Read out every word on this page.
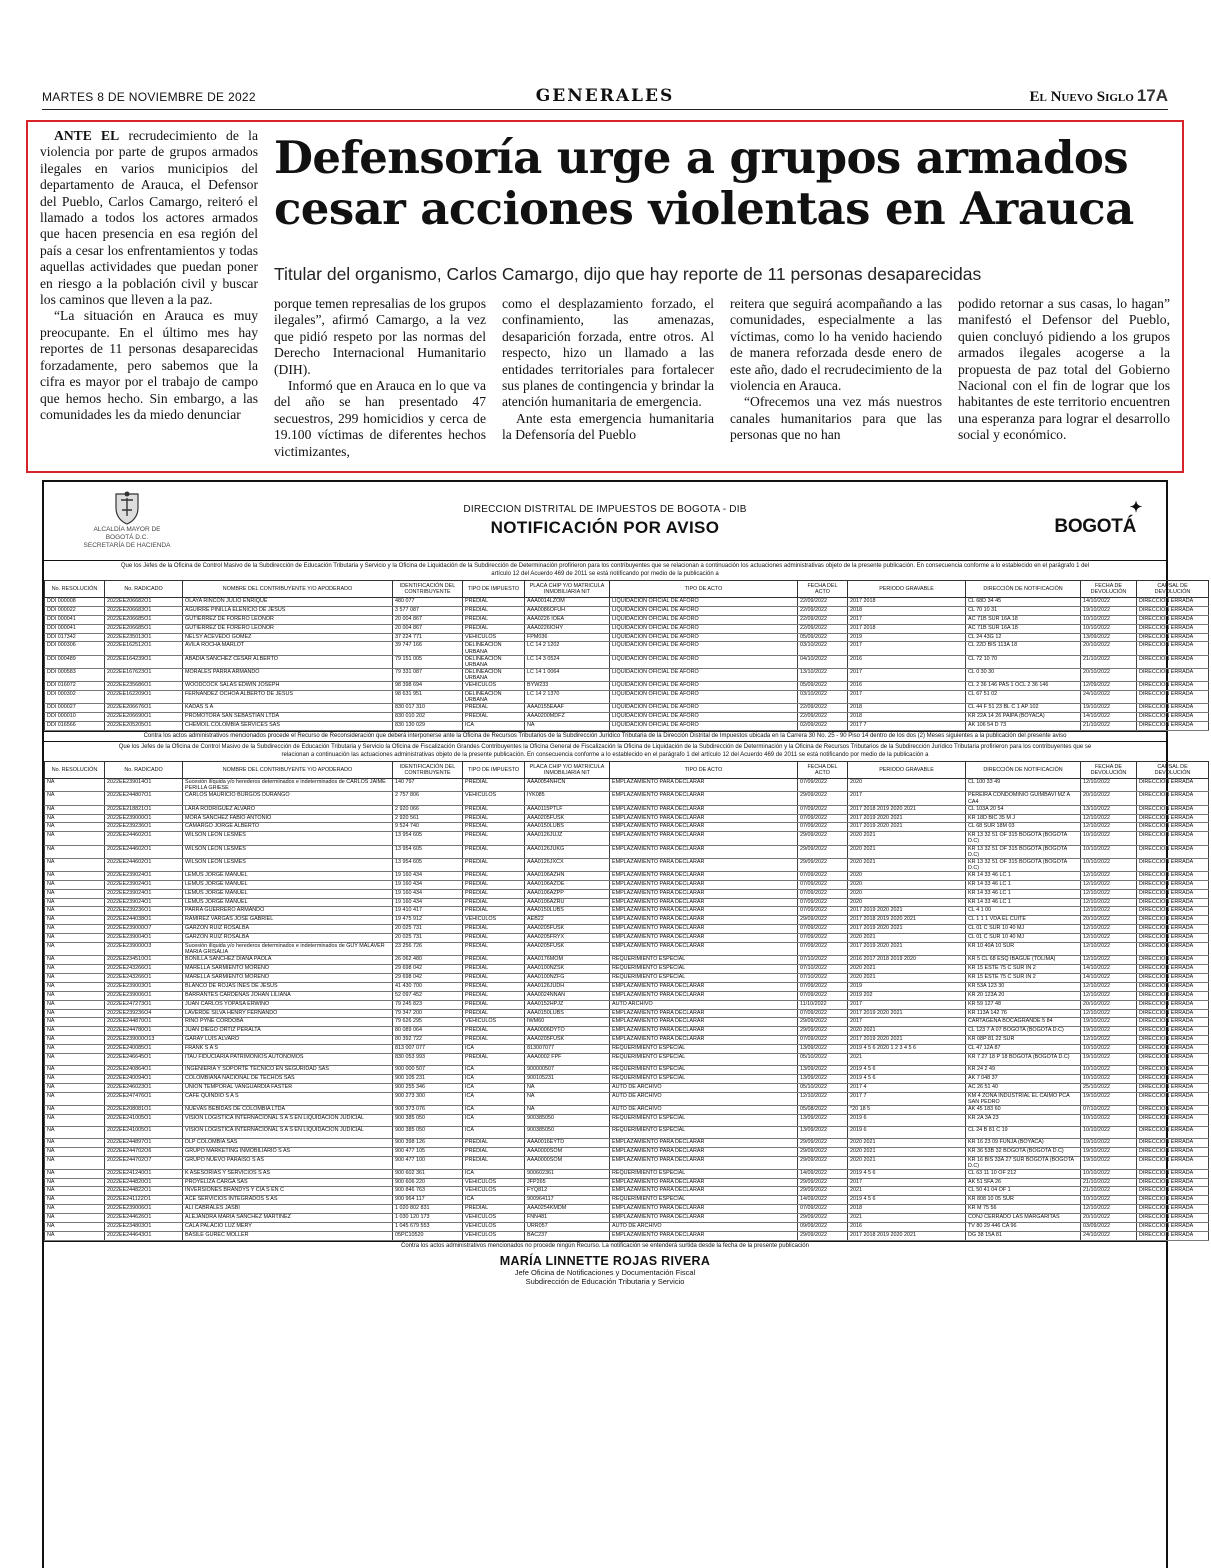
MARTES 8 DE NOVIEMBRE DE 2022	GENERALES	El Nuevo Siglo 17A

ANTE EL recrudecimiento de la violencia por parte de grupos armados ilegales en varios municipios del departamento de Arauca, el Defensor del Pueblo, Carlos Camargo, reiteró el llamado a todos los actores armados que hacen presencia en esa región del país a cesar los enfrentamientos y todas aquellas actividades que puedan poner en riesgo a la población civil y buscar los caminos que lleven a la paz.

“La situación en Arauca es muy preocupante. En el último mes hay reportes de 11 personas desaparecidas forzadamente, pero sabemos que la cifra es mayor por el trabajo de campo que hemos hecho. Sin embargo, a las comunidades les da miedo denunciar

Defensoría urge a grupos armados
cesar acciones violentas en Arauca
Titular del organismo, Carlos Camargo, dijo que hay reporte de 11 personas desaparecidas

porque temen represalias de los grupos ilegales”, afirmó Camargo, a la vez que pidió respeto por las normas del Derecho Internacional Humanitario (DIH).

Informó que en Arauca en lo que va del año se han presentado 47 secuestros, 299 homicidios y cerca de 19.100 víctimas de diferentes hechos victimizantes,

como el desplazamiento forzado, el confinamiento, las amenazas, desaparición forzada, entre otros. Al respecto, hizo un llamado a las entidades territoriales para fortalecer sus planes de contingencia y brindar la atención humanitaria de emergencia.

Ante esta emergencia humanitaria la Defensoría del Pueblo

reitera que seguirá acompañando a las comunidades, especialmente a las víctimas, como lo ha venido haciendo de manera reforzada desde enero de este año, dado el recrudecimiento de la violencia en Arauca.

“Ofrecemos una vez más nuestros canales humanitarios para que las personas que no han

podido retornar a sus casas, lo hagan” manifestó el Defensor del Pueblo, quien concluyó pidiendo a los grupos armados ilegales acogerse a la propuesta de paz total del Gobierno Nacional con el fin de lograr que los habitantes de este territorio encuentren una esperanza para lograr el desarrollo social y económico.

ALCALDÍA MAYOR DE BOGOTÁ D.C.
SECRETARÍA DE HACIENDA
DIRECCION DISTRITAL DE IMPUESTOS DE BOGOTA - DIB
NOTIFICACIÓN POR AVISO
✦
BOGOTÁ
Que los Jefes de la Oficina de Control Masivo de la Subdirección de Educación Tributaria y Servicio y la Oficina de Liquidación de la Subdirección de Determinación profirieron para los contribuyentes que se relacionan a continuación los actuaciones administrativas objeto de la presente publicación. En consecuencia conforme a lo establecido en el parágrafo 1 del artículo 12 del Acuerdo 469 de 2011 se está notificando por medio de la publicación a
No. RESOLUCIÓN	No. RADICADO	NOMBRE DEL CONTRIBUYENTE Y/O APODERADO	IDENTIFICACIÓN DEL CONTRIBUYENTE	TIPO DE IMPUESTO	PLACA CHIP Y/O MATRICULA INMOBILIARIA NIT	TIPO DE ACTO	FECHA DEL ACTO	PERIODO GRAVABLE	DIRECCIÓN DE NOTIFICACIÓN	FECHA DE DEVOLUCIÓN	CAUSAL DE DEVOLUCIÓN
DDI 000008	2022EE206682O1	OLAYA RINCON JULIO ENRIQUE	480 077	PREDIAL	AAA0014LZOM	LIQUIDACIÓN OFICIAL DE AFORO	22/09/2022	2017 2018	CL 68D 34 45	14/10/2022	DIRECCIÓN ERRADA
DDI 000022	2022EE206683O1	AGUIRRE PINILLA ELENICIO DE JESUS	3 577 087	PREDIAL	AAA0086OFUH	LIQUIDACIÓN OFICIAL DE AFORO	22/09/2022	2018	CL 70 10 31	19/10/2022	DIRECCIÓN ERRADA
DDI 000041	2022EE206685O1	GUTIERREZ DE FORERO LEONOR	20 004 867	PREDIAL	AAA0226 IOEA	LIQUIDACIÓN OFICIAL DE AFORO	22/09/2022	2017	AC 71B SUR 16A 18	10/10/2022	DIRECCIÓN ERRADA
DDI 000041	2022EE206685O1	GUTIERREZ DE FORERO LEONOR	20 004 867	PREDIAL	AAA0226IOHY	LIQUIDACIÓN OFICIAL DE AFORO	22/09/2022	2017 2018	AC 71B SUR 16A 18	10/10/2022	DIRECCIÓN ERRADA
DDI 017342	2022EE235013O1	NELSY ACEVEDO GOMEZ	37 224 771	VEHICULOS	FPM036	LIQUIDACIÓN OFICIAL DE AFORO	05/09/2022	2019	CL 24 43G 12	13/09/2022	DIRECCIÓN ERRADA
DDI 000306	2022EE162512O1	AVILA ROCHA MARLOT	39 747 166	DELINEACIÓN URBANA	LC 14 2 1202	LIQUIDACIÓN OFICIAL DE AFORO	03/10/2022	2017	CL 22D BIS 113A 18	20/10/2022	DIRECCIÓN ERRADA
DDI 000489	2022EE164239O1	ABADIA SANCHEZ CESAR ALBERTO	79 151 005	DELINEACIÓN URBANA	LC 14 3 0524	LIQUIDACIÓN OFICIAL DE AFORO	04/10/2022	2016	CL 72 10 70	21/10/2022	DIRECCIÓN ERRADA
DDI 000583	2022EE167623O1	MORALES PARRA ARMANDO	79 331 087	DELINEACIÓN URBANA	LC 14 1 0064	LIQUIDACIÓN OFICIAL DE AFORO	13/10/2022	2017	CL 0 30 30	20/10/2022	DIRECCIÓN ERRADA
DDI 016072	2022EE235686O1	WOODCOCK SALAS EDWIN JOSEPH	98 398 694	VEHICULOS	BYW233	LIQUIDACIÓN OFICIAL DE AFORO	05/09/2022	2016	CL 2 36 146 PAS 1 OCL 2 36 146	12/09/2022	DIRECCIÓN ERRADA
DDI 000302	2022EE162209O1	FERNANDEZ OCHOA ALBERTO DE JESÚS	98 631 951	DELINEACIÓN URBANA	LC 14 2 1370	LIQUIDACIÓN OFICIAL DE AFORO	03/10/2022	2017	CL 67 51 02	24/10/2022	DIRECCIÓN ERRADA
DDI 000027	2022EE206676O1	KADAS S A	830 017 310	PREDIAL	AAA0155EAAF	LIQUIDACIÓN OFICIAL DE AFORO	22/09/2022	2018	CL 44 F 51 23 BL C 1 AP 102	19/10/2022	DIRECCIÓN ERRADA
DDI 000010	2022EE206690O1	PROMOTORA SAN SEBASTIAN LTDA	830 010 202	PREDIAL	AAA0200MDFZ	LIQUIDACIÓN OFICIAL DE AFORO	22/09/2022	2018	KR 22A 14 26 PAIPA (BOYACA)	14/10/2022	DIRECCIÓN ERRADA
DDI 016566	2022EE205205O1	CHEMOIL COLOMBIA SERVICES SAS	830 130 029	ICA	NA	LIQUIDACIÓN OFICIAL DE AFORO	02/09/2022	2017 7	AK 106 54 D 73	21/10/2022	DIRECCIÓN ERRADA
Contra los actos administrativos mencionados procede el Recurso de Reconsideración que deberá interponerse ante la Oficina de Recursos Tributarios de la Subdirección Jurídico Tributaria de la Dirección Distrital de Impuestos ubicada en la Carrera 30 No. 25 - 90 Piso 14 dentro de los dos (2) Meses siguientes a la publicación del presente aviso
Que los Jefes de la Oficina de Control Masivo de la Subdirección de Educación Tributaria y Servicio la Oficina de Fiscalización Grandes Contribuyentes la Oficina General de Fiscalización la Oficina de Liquidación de la Subdirección de Determinación y la Oficina de Recursos Tributarios de la Subdirección Jurídico Tributaria profirieron para los contribuyentes que se relacionan a continuación las actuaciones administrativas objeto de la presente publicación. En consecuencia conforme a lo establecido en el parágrafo 1 del artículo 12 del Acuerdo 469 de 2011 se está notificando por medio de la publicación a
No. RESOLUCIÓN	No. RADICADO	NOMBRE DEL CONTRIBUYENTE Y/O APODERADO	IDENTIFICACIÓN DEL CONTRIBUYENTE	TIPO DE IMPUESTO	PLACA CHIP Y/O MATRICULA INMOBILIARIA NIT	TIPO DE ACTO	FECHA DEL ACTO	PERIODO GRAVABLE	DIRECCIÓN DE NOTIFICACIÓN	FECHA DE DEVOLUCIÓN	CAUSAL DE DEVOLUCIÓN
NA	2022EE239014O1	Sucesión ilíquida y/o herederos determinados e indeterminados de CARLOS JAIME PERILLA GRIESE	140 797	PREDIAL	AAA0054NHCN	EMPLAZAMIENTO PARA DECLARAR	07/09/2022	2020	CL 100 33 49	12/10/2022	DIRECCIÓN ERRADA
NA	2022EE244807O1	CARLOS MAURICIO BURGOS DURANGO	2 757 806	VEHICULOS	IYK085	EMPLAZAMIENTO PARA DECLARAR	29/09/2022	2017	PEREIRA CONDOMINIO GUIMBAVI MZ A CA4	20/10/2022	DIRECCIÓN ERRADA
NA	2022EE218821O1	LARA RODRIGUEZ ALVARO	2 920 066	PREDIAL	AAA0115PTLF	EMPLAZAMIENTO PARA DECLARAR	07/09/2022	2017 2018 2019 2020 2021	CL 103A 20 54	13/10/2022	DIRECCIÓN ERRADA
NA	2022EE239000O1	MORA SANCHEZ FABIO ANTONIO	2 920 561	PREDIAL	AAA0205FUSK	EMPLAZAMIENTO PARA DECLARAR	07/09/2022	2017 2019 2020 2021	KR 18D BIC 35 M J	12/10/2022	DIRECCIÓN ERRADA
NA	2022EE239236O1	CAMARGO JORGE ALBERTO	9 524 740	PREDIAL	AAA0150LUBS	EMPLAZAMIENTO PARA DECLARAR	07/09/2022	2017 2019 2020 2021	CL 68 SUR 18M 03	12/10/2022	DIRECCIÓN ERRADA
NA	2022EE244602O1	WILSON LEON LESMES	13 954 605	PREDIAL	AAA0126JUJZ	EMPLAZAMIENTO PARA DECLARAR	29/09/2022	2020 2021	KR 13 32 51 OF 315 BOGOTA (BOGOTA D.C)	10/10/2022	DIRECCIÓN ERRADA
NA	2022EE244602O1	WILSON LEON LESMES	13 954 605	PREDIAL	AAA0126JUKG	EMPLAZAMIENTO PARA DECLARAR	29/09/2022	2020 2021	KR 13 32 51 OF 315 BOGOTA (BOGOTA D.C)	10/10/2022	DIRECCIÓN ERRADA
NA	2022EE244602O1	WILSON LEON LESMES	13 954 605	PREDIAL	AAA0126JXCX	EMPLAZAMIENTO PARA DECLARAR	29/09/2022	2020 2021	KR 13 32 51 OF 315 BOGOTA (BOGOTA D.C)	10/10/2022	DIRECCIÓN ERRADA
NA	2022EE239024O1	LEMUS JORGE MANUEL	19 160 434	PREDIAL	AAA0106AZHN	EMPLAZAMIENTO PARA DECLARAR	07/09/2022	2020	KR 14 33 46 LC 1	12/10/2022	DIRECCIÓN ERRADA
NA	2022EE239024O1	LEMUS JORGE MANUEL	19 160 434	PREDIAL	AAA0106AZOE	EMPLAZAMIENTO PARA DECLARAR	07/09/2022	2020	KR 14 33 46 LC 1	12/10/2022	DIRECCIÓN ERRADA
NA	2022EE239024O1	LEMUS JORGE MANUEL	19 160 434	PREDIAL	AAA0106AZPP	EMPLAZAMIENTO PARA DECLARAR	07/09/2022	2020	KR 14 33 46 LC 1	12/10/2022	DIRECCIÓN ERRADA
NA	2022EE239024O1	LEMUS JORGE MANUEL	19 160 434	PREDIAL	AAA0106AZRU	EMPLAZAMIENTO PARA DECLARAR	07/09/2022	2020	KR 14 33 46 LC 1	12/10/2022	DIRECCIÓN ERRADA
NA	2022EE239236O1	PARRA GUERRERO ARMANDO	19 410 417	PREDIAL	AAA0150LUBS	EMPLAZAMIENTO PARA DECLARAR	07/09/2022	2017 2019 2020 2021	CL 4 1 00	12/10/2022	DIRECCIÓN ERRADA
NA	2022EE244038O1	RAMIREZ VARGAS JOSE GABRIEL	19 475 912	VEHICULOS	AEB22	EMPLAZAMIENTO PARA DECLARAR	29/09/2022	2017 2018 2019 2020 2021	CL 1 1 1 VDA EL CUITE	20/10/2022	DIRECCIÓN ERRADA
NA	2022EE239000O7	GARZON RUIZ ROSALBA	20 025 731	PREDIAL	AAA0205FUSK	EMPLAZAMIENTO PARA DECLARAR	07/09/2022	2017 2019 2020 2021	CL 01 C SUR 10 40 MJ	12/10/2022	DIRECCIÓN ERRADA
NA	2022EE239004O1	GARZON RUIZ ROSALBA	20 025 731	PREDIAL	AAA0205FRYX	EMPLAZAMIENTO PARA DECLARAR	07/09/2022	2020 2021	CL 01 C SUR 10 40 MJ	12/10/2022	DIRECCIÓN ERRADA
NA	2022EE239000O3	Sucesión ilíquida y/o herederos determinados e indeterminados de GUY MALAVER MARIA GRISALIA	23 256 726	PREDIAL	AAA0205FUSK	EMPLAZAMIENTO PARA DECLARAR	07/09/2022	2017 2019 2020 2021	KR 10 40A 10 SUR	12/10/2022	DIRECCIÓN ERRADA
NA	2022EE234510O1	BONILLA SANCHEZ DIANA PAOLA	26 062 480	PREDIAL	AAA0176MOM	REQUERIMIENTO ESPECIAL	07/10/2022	2016 2017 2018 2019 2020	KR 5 CL 68 ESQ IBAGUE (TOLIMA)	12/10/2022	DIRECCIÓN ERRADA
NA	2022EE243266O1	MARELLA SARMIENTO MORENO	29 698 042	PREDIAL	AAA0100NZSK	REQUERIMIENTO ESPECIAL	07/10/2022	2020 2021	KR 15 ESTE 75 C SUR IN 2	14/10/2022	DIRECCIÓN ERRADA
NA	2022EE243266O1	MARELLA SARMIENTO MORENO	29 698 042	PREDIAL	AAA0100NZFG	REQUERIMIENTO ESPECIAL	07/10/2022	2020 2021	KR 15 ESTE 75 C SUR IN 2	14/10/2022	DIRECCIÓN ERRADA
NA	2022EE239003O1	BLANCO DE ROJAS INES DE JESUS	41 430 700	PREDIAL	AAA0126JUDH	EMPLAZAMIENTO PARA DECLARAR	07/09/2022	2019	KR 53A 123 30	12/10/2022	DIRECCIÓN ERRADA
NA	2022EE239006O1	BARRANTES CARDENAS JOHAN LILIANA	52 097 452	PREDIAL	AAA0024NNAN	EMPLAZAMIENTO PARA DECLARAR	07/09/2022	2019 202	KR 20 123A 20	12/10/2022	DIRECCIÓN ERRADA
NA	2022EE247273O1	JUAN CARLOS YOPASA ERWINO	79 245 823	PREDIAL	AAA0152HPJZ	AUTO ARCHIVO	11/10/2022	2017	KR 59 127 48	20/10/2022	DIRECCIÓN ERRADA
NA	2022EE239236O4	LAVERDE SILVA HENRY FERNANDO	79 347 200	PREDIAL	AAA0150LUBS	EMPLAZAMIENTO PARA DECLARAR	07/09/2022	2017 2019 2020 2021	KR 113A 142 76	12/10/2022	DIRECCIÓN ERRADA
NA	2022EE244870O1	RINO PYNE CORDOBA	79 626 295	VEHICULOS	IWM60	EMPLAZAMIENTO PARA DECLARAR	29/09/2022	2017	CARTAGENA BOCAGRANDE 5 84	19/10/2022	DIRECCIÓN ERRADA
NA	2022EE244780O1	JUAN DIEGO ORTIZ PERALTA	80 089 064	PREDIAL	AAA0006DYTO	EMPLAZAMIENTO PARA DECLARAR	29/09/2022	2020 2021	CL 123 7 A 07 BOGOTA (BOGOTA D.C)	19/10/2022	DIRECCIÓN ERRADA
NA	2022EE239000O13	GARAY LUIS ALVARO	80 392 722	PREDIAL	AAA0205FUSK	EMPLAZAMIENTO PARA DECLARAR	07/09/2022	2017 2019 2020 2021	KR 08P 81 22 SUR	12/10/2022	DIRECCIÓN ERRADA
NA	2022EE240085O1	FRANK S A S	813 007 077	ICA	813007077	REQUERIMIENTO ESPECIAL	13/09/2022	2019 4 5 6 2020 1 2 3 4 5 6	CL 47 12A 87	10/10/2022	DIRECCIÓN ERRADA
NA	2022EE246645O1	ITAU FIDUCIARIA PATRIMONIOS AUTONOMOS	830 053 993	PREDIAL	AAA0002 FPF	REQUERIMIENTO ESPECIAL	05/10/2022	2021	KR 7 27 18 P 18 BOGOTA (BOGOTA D.C)	19/10/2022	DIRECCIÓN ERRADA
NA	2022EE240864O1	INGENIERIA Y SOPORTE TECNICO EN SEGURIDAD SAS	900 000 507	ICA	900000507	REQUERIMIENTO ESPECIAL	13/09/2022	2019 4 5 6	KR 24 2 49	10/10/2022	DIRECCIÓN ERRADA
NA	2022EE240094O1	COLOMBIANA NACIONAL DE TECHOS SAS	900 105 231	ICA	900105231	REQUERIMIENTO ESPECIAL	13/09/2022	2019 4 5 6	AK 7 048 37	10/10/2022	DIRECCIÓN ERRADA
NA	2022EE246023O1	UNION TEMPORAL VANGUARDIA FASTER	900 255 346	ICA	NA	AUTO DE ARCHIVO	05/10/2022	2017 4	AC 26 51 40	25/10/2022	DIRECCIÓN ERRADA
NA	2022EE247476O1	CAFE QUINDIO S A S	900 273 300	ICA	NA	AUTO DE ARCHIVO	12/10/2022	2017 7	KM 4 ZONA INDUSTRIAL EL CAIMO PCA SAN PEDRO	19/10/2022	DIRECCIÓN ERRADA
NA	2022EE208081O1	NUEVAS BEBIDAS DE COLOMBIA LTDA	900 373 076	ICA	NA	AUTO DE ARCHIVO	05/08/2022	*20 18 5	AK 45 183 60	07/10/2022	DIRECCIÓN ERRADA
NA	2022EE241005O1	VISION LOGISTICA INTERNACIONAL S A S EN LIQUIDACIÓN JUDICIAL	900 385 050	ICA	900385050	REQUERIMIENTO ESPECIAL	13/09/2022	2019 6	KR 2A 3A 23	10/10/2022	DIRECCIÓN ERRADA
NA	2022EE241005O1	VISION LOGISTICA INTERNACIONAL S A S EN LIQUIDACIÓN JUDICIAL	900 385 050	ICA	900385050	REQUERIMIENTO ESPECIAL	13/09/2022	2019 6	CL 24 B 81 C 19	10/10/2022	DIRECCIÓN ERRADA
NA	2022EE244897O1	DLP COLOMBIA SAS	900 398 126	PREDIAL	AAA0016EYTD	EMPLAZAMIENTO PARA DECLARAR	29/09/2022	2020 2021	KR 16 23 09 FUNJA (BOYACA)	19/10/2022	DIRECCIÓN ERRADA
NA	2022EE244702O6	GRUPO MARKETING INMOBILIARIO S AS	900 477 105	PREDIAL	AAA0000SOM	EMPLAZAMIENTO PARA DECLARAR	29/09/2022	2020 2021	KR 36 53B 32 BOGOTA (BOGOTA D.C)	19/10/2022	DIRECCIÓN ERRADA
NA	2022EE244702O7	GRUPO NUEVO PARAISO S AS	900 477 100	PREDIAL	AAA0000SOM	EMPLAZAMIENTO PARA DECLARAR	29/09/2022	2020 2021	KR 16 BIS 33A 27 SUR BOGOTA (BOGOTA D.C)	19/10/2022	DIRECCIÓN ERRADA
NA	2022EE241240O1	K ASESORIAS Y SERVICIOS S AS	900 602 361	ICA	900602361	REQUERIMIENTO ESPECIAL	14/09/2022	2019 4 5 6	CL 63 11 10 OF 212	10/10/2022	DIRECCIÓN ERRADA
NA	2022EE244820O1	PROYELIZA CARGA SAS	900 606 220	VEHICULOS	JFP265	EMPLAZAMIENTO PARA DECLARAR	29/09/2022	2017	AK 51 5FA 26	21/10/2022	DIRECCIÓN ERRADA
NA	2022EE244822O1	INVERSIONES BRANDYS Y CIA S EN C	900 846 763	VEHICULOS	FYQ812	EMPLAZAMIENTO PARA DECLARAR	29/09/2022	2021	CL 50 41 04 OF 1	21/10/2022	DIRECCIÓN ERRADA
NA	2022EE241122O1	ACE SERVICIOS INTEGRADOS S AS	900 964 117	ICA	900964117	REQUERIMIENTO ESPECIAL	14/09/2022	2019 4 5 6	KR 808 10 05 SUR	10/10/2022	DIRECCIÓN ERRADA
NA	2022EE239006O1	ALI CABRALES JASBI	1 020 802 831	PREDIAL	AAA0254KMDM	EMPLAZAMIENTO PARA DECLARAR	07/09/2022	2018	KR M 75 56	12/10/2022	DIRECCIÓN ERRADA
NA	2022EE244626O1	ALEJANDRA MARIA SANCHEZ MARTINEZ	1 030 120 173	VEHICULOS	FNN481	EMPLAZAMIENTO PARA DECLARAR	29/09/2022	2021	CONJ CERRADO LAS MARGARITAS	20/10/2022	DIRECCIÓN ERRADA
NA	2022EE234803O1	CALA PALACIO LUZ MERY	1 045 679 553	VEHICULOS	URR057	AUTO DE ARCHIVO	09/09/2022	2016	TV 80 29 446 CA 96	03/09/2022	DIRECCIÓN ERRADA
NA	2022EE244643O1	BASILE GUREC MOLLER	05PC10520	VEHICULOS	BAC237	EMPLAZAMIENTO PARA DECLARAR	29/09/2022	2017 2018 2019 2020 2021	DG 38 15A 81	24/10/2022	DIRECCIÓN ERRADA
Contra los actos administrativos mencionados no procede ningún Recurso. La notificación se entenderá surtida desde la fecha de la presente publicación
MARÍA LINNETTE ROJAS RIVERA
Jefe Oficina de Notificaciones y Documentación Fiscal
Subdirección de Educación Tributaria y Servicio
